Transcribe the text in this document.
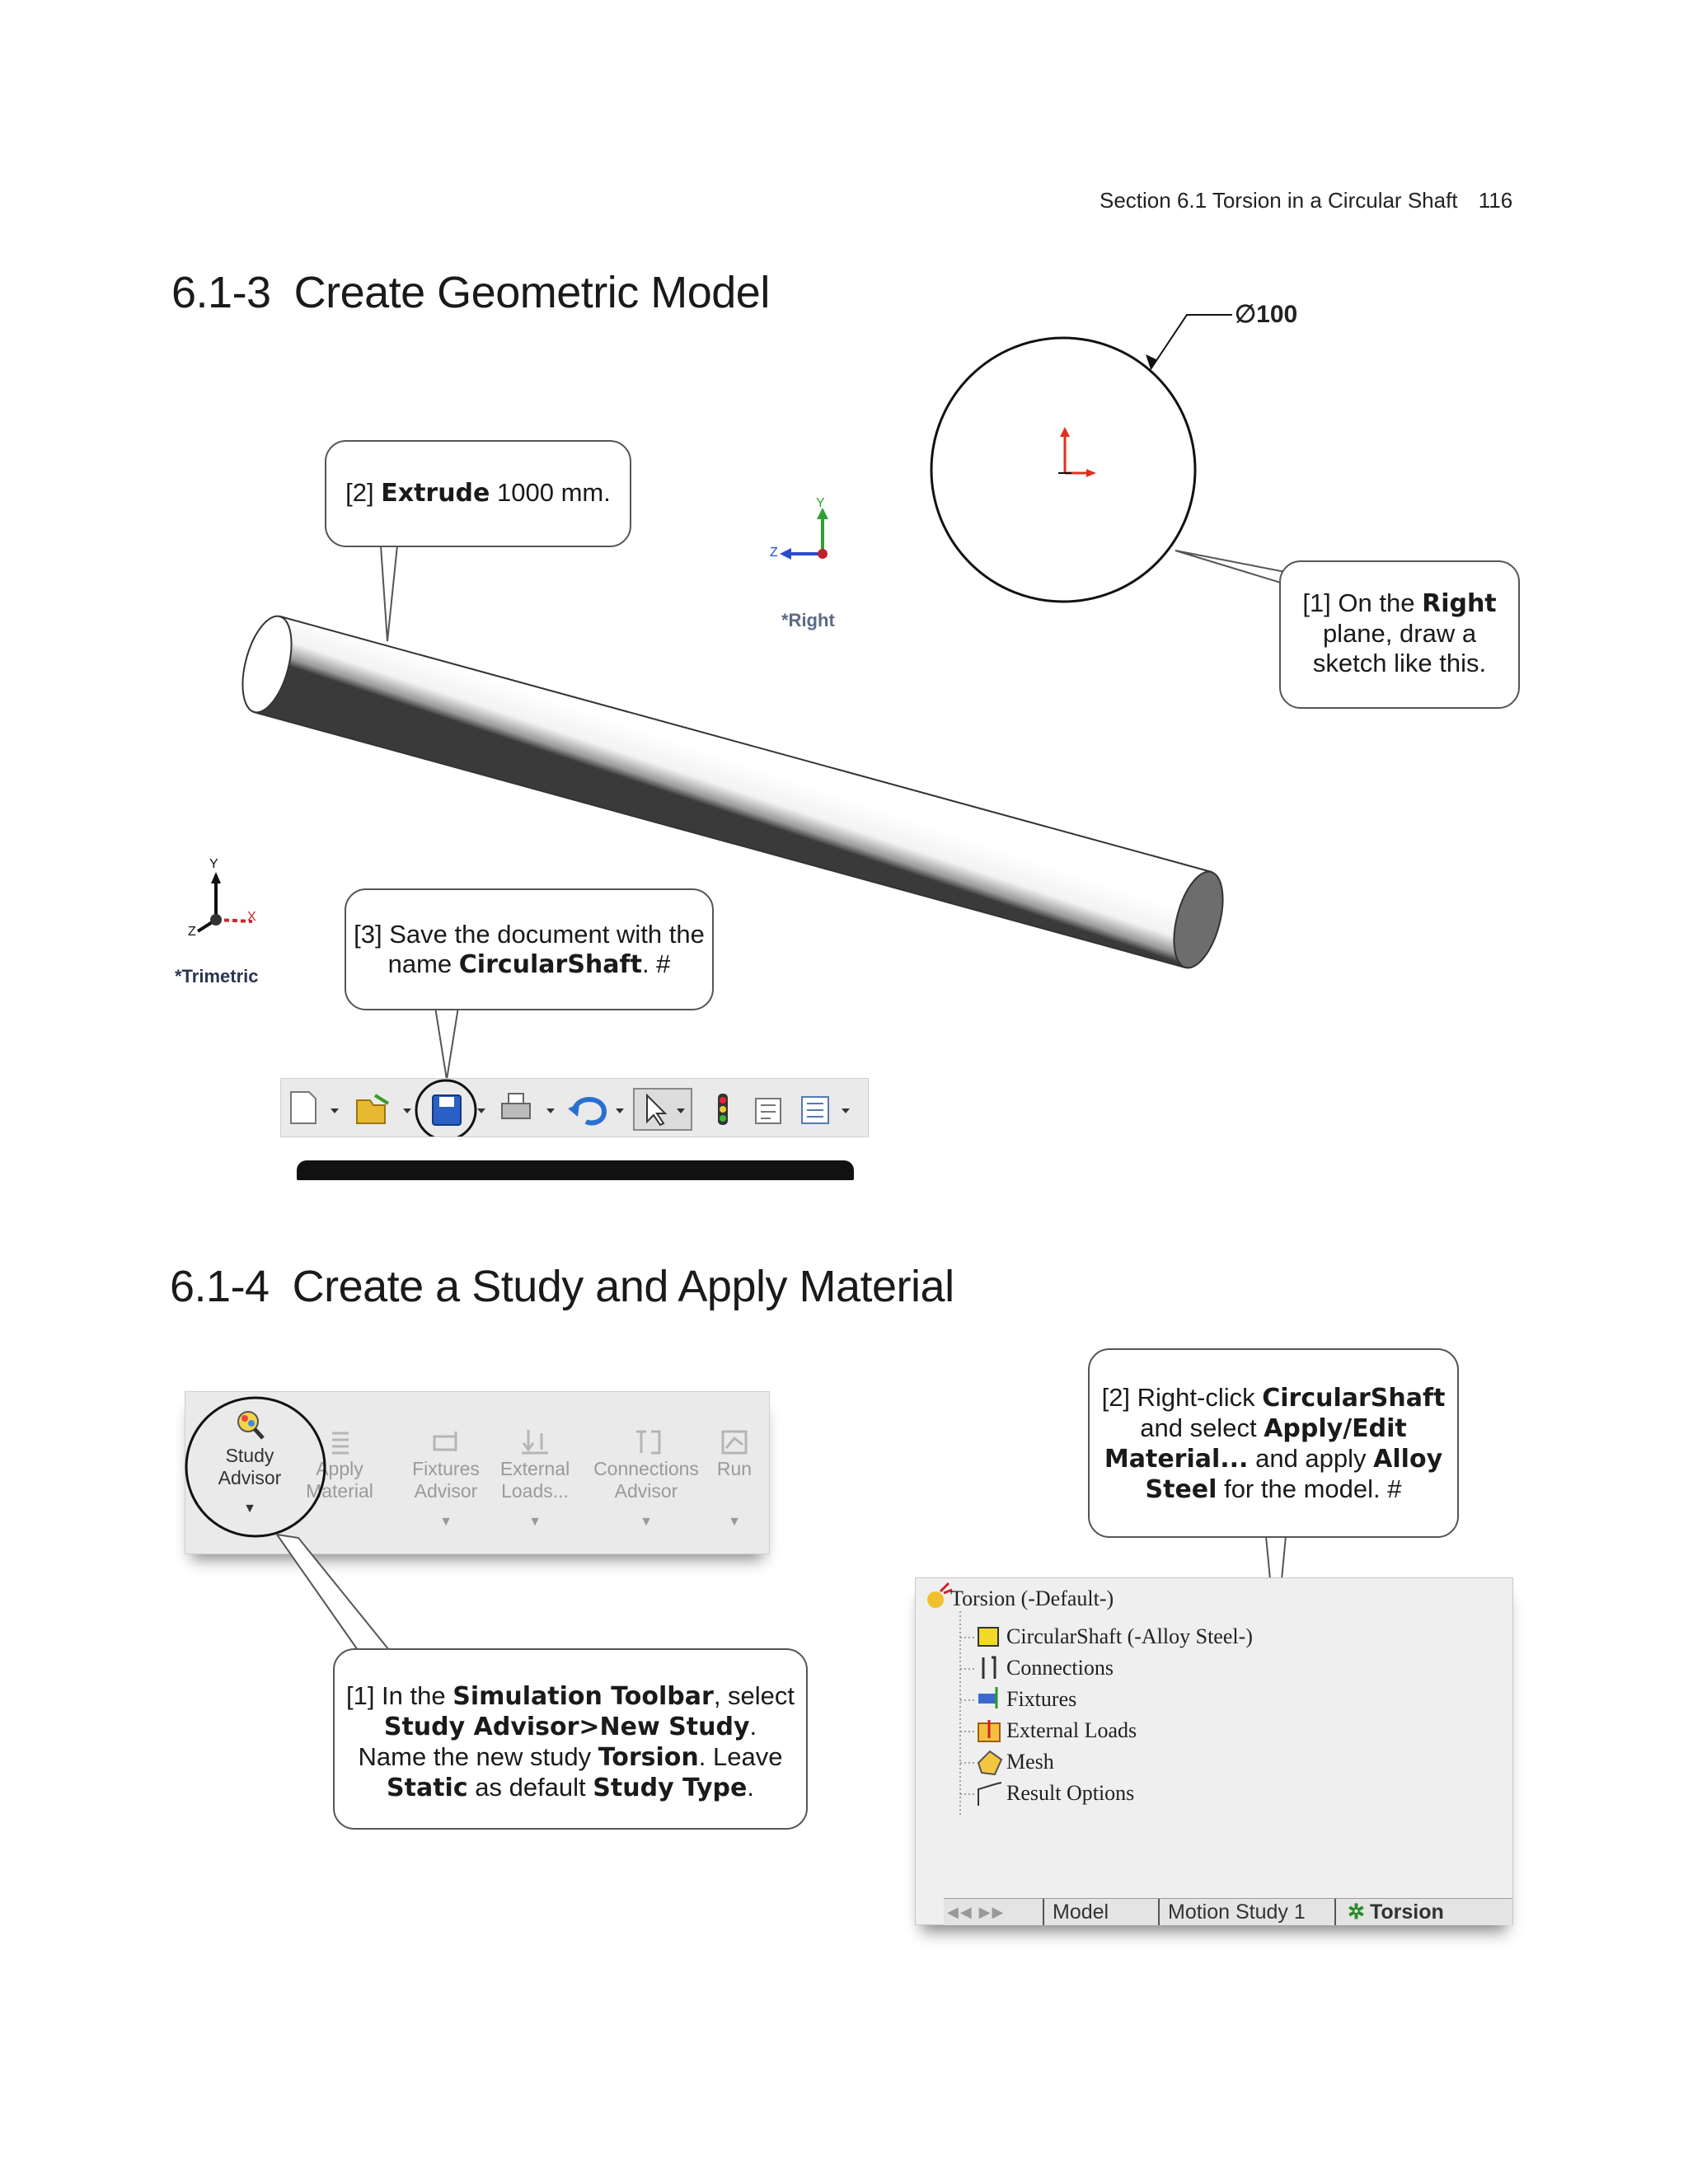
Section 6.1 Torsion in a Circular Shaft 116
6.1-3 Create Geometric Model	∅100
Y
Z
*Right
Y
Z
X
*Trimetric
[2] Extrude 1000 mm.
[1] On the Right
plane, draw a
sketch like this.
[3] Save the document with the
name CircularShaft. #
6.1-4 Create a Study and Apply Material
Study
Advisor
▼
Apply
Material
Fixtures
Advisor
▼
External
Loads...
▼
Connections
Advisor
▼
Run
▼
[1] In the Simulation Toolbar, select
Study Advisor>New Study.
Name the new study Torsion. Leave
Static as default Study Type.
[2] Right-click CircularShaft
and select Apply/Edit
Material... and apply Alloy
Steel for the model. #
Torsion (-Default-)
CircularShaft (-Alloy Steel-)
Connections
Fixtures
External Loads
Mesh
Result Options
◀◀ ▶▶	Model	Motion Study 1	✲ Torsion
